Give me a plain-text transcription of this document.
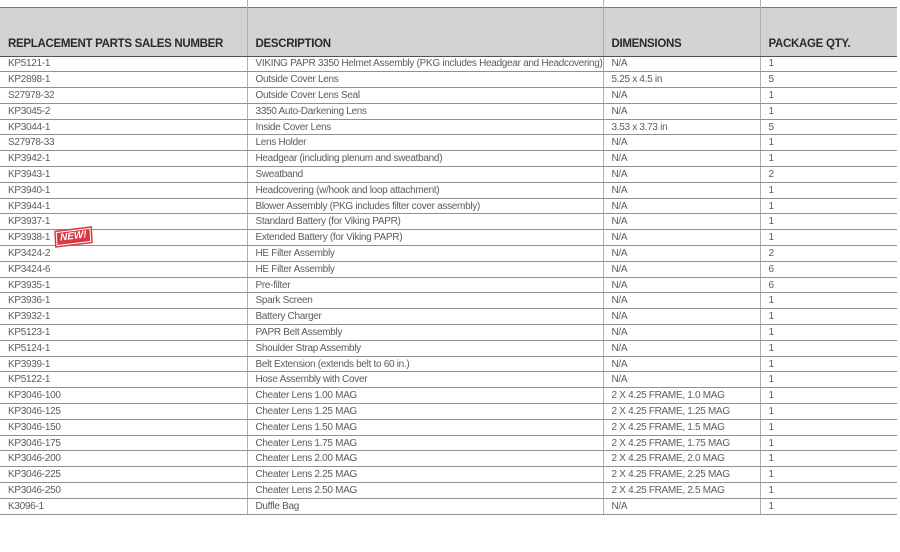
REPLACEMENT PARTS SALES NUMBER	DESCRIPTION	DIMENSIONS	PACKAGE QTY.
KP5121-1	VIKING PAPR 3350 Helmet Assembly (PKG includes Headgear and Headcovering)	N/A	1
KP2898-1	Outside Cover Lens	5.25 x 4.5 in	5
S27978-32	Outside Cover Lens Seal	N/A	1
KP3045-2	3350 Auto-Darkening Lens	N/A	1
KP3044-1	Inside Cover Lens	3.53 x 3.73 in	5
S27978-33	Lens Holder	N/A	1
KP3942-1	Headgear (including plenum and sweatband)	N/A	1
KP3943-1	Sweatband	N/A	2
KP3940-1	Headcovering (w/hook and loop attachment)	N/A	1
KP3944-1	Blower Assembly (PKG includes filter cover assembly)	N/A	1
KP3937-1	Standard Battery (for Viking PAPR)	N/A	1
KP3938-1 NEW!	Extended Battery (for Viking PAPR)	N/A	1
KP3424-2	HE Filter Assembly	N/A	2
KP3424-6	HE Filter Assembly	N/A	6
KP3935-1	Pre-filter	N/A	6
KP3936-1	Spark Screen	N/A	1
KP3932-1	Battery Charger	N/A	1
KP5123-1	PAPR Belt Assembly	N/A	1
KP5124-1	Shoulder Strap Assembly	N/A	1
KP3939-1	Belt Extension (extends belt to 60 in.)	N/A	1
KP5122-1	Hose Assembly with Cover	N/A	1
KP3046-100	Cheater Lens 1.00 MAG	2 X 4.25 FRAME, 1.0 MAG	1
KP3046-125	Cheater Lens 1.25 MAG	2 X 4.25 FRAME, 1.25 MAG	1
KP3046-150	Cheater Lens 1.50 MAG	2 X 4.25 FRAME, 1.5 MAG	1
KP3046-175	Cheater Lens 1.75 MAG	2 X 4.25 FRAME, 1.75 MAG	1
KP3046-200	Cheater Lens 2.00 MAG	2 X 4.25 FRAME, 2.0 MAG	1
KP3046-225	Cheater Lens 2.25 MAG	2 X 4.25 FRAME, 2.25 MAG	1
KP3046-250	Cheater Lens 2.50 MAG	2 X 4.25 FRAME, 2.5 MAG	1
K3096-1	Duffle Bag	N/A	1
